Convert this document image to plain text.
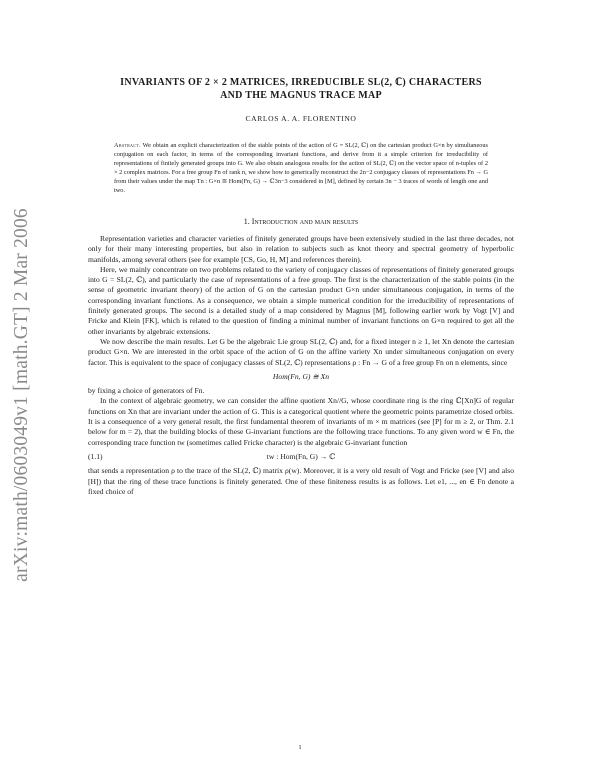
arXiv:math/0603049v1 [math.GT] 2 Mar 2006
INVARIANTS OF 2 × 2 MATRICES, IRREDUCIBLE SL(2, ℂ) CHARACTERS
AND THE MAGNUS TRACE MAP
CARLOS A. A. FLORENTINO
Abstract. We obtain an explicit characterization of the stable points of the action of G = SL(2, ℂ) on the cartesian product G×n by simultaneous conjugation on each factor, in terms of the corresponding invariant functions, and derive from it a simple criterion for irreducibility of representations of finitely generated groups into G. We also obtain analogous results for the action of SL(2, ℂ) on the vector space of n-tuples of 2 × 2 complex matrices. For a free group Fn of rank n, we show how to generically reconstruct the 2n−2 conjugacy classes of representations Fn → G from their values under the map Tn : G×n ≅ Hom(Fn, G) → ℂ3n−3 considered in [M], defined by certain 3n − 3 traces of words of length one and two.
1. Introduction and main results

Representation varieties and character varieties of finitely generated groups have been extensively studied in the last three decades, not only for their many interesting properties, but also in relation to subjects such as knot theory and spectral geometry of hyperbolic manifolds, among several others (see for example [CS, Go, H, M] and references therein).

Here, we mainly concentrate on two problems related to the variety of conjugacy classes of representations of finitely generated groups into G = SL(2, ℂ), and particularly the case of representations of a free group. The first is the characterization of the stable points (in the sense of geometric invariant theory) of the action of G on the cartesian product G×n under simultaneous conjugation, in terms of the corresponding invariant functions. As a consequence, we obtain a simple numerical condition for the irreducibility of representations of finitely generated groups. The second is a detailed study of a map considered by Magnus [M], following earlier work by Vogt [V] and Fricke and Klein [FK], which is related to the question of finding a minimal number of invariant functions on G×n required to get all the other invariants by algebraic extensions.

We now describe the main results. Let G be the algebraic Lie group SL(2, ℂ) and, for a fixed integer n ≥ 1, let Xn denote the cartesian product G×n. We are interested in the orbit space of the action of G on the affine variety Xn under simultaneous conjugation on every factor. This is equivalent to the space of conjugacy classes of SL(2, ℂ) representations ρ : Fn → G of a free group Fn on n elements, since

Hom(Fn, G) ≅ Xn

by fixing a choice of generators of Fn.

In the context of algebraic geometry, we can consider the affine quotient Xn//G, whose coordinate ring is the ring ℂ[Xn]G of regular functions on Xn that are invariant under the action of G. This is a categorical quotient where the geometric points parametrize closed orbits. It is a consequence of a very general result, the first fundamental theorem of invariants of m × m matrices (see [P] for m ≥ 2, or Thm. 2.1 below for m = 2), that the building blocks of these G-invariant functions are the following trace functions. To any given word w ∈ Fn, the corresponding trace function tw (sometimes called Fricke character) is the algebraic G-invariant function

(1.1)	tw : Hom(Fn, G) → ℂ

that sends a representation ρ to the trace of the SL(2, ℂ) matrix ρ(w). Moreover, it is a very old result of Vogt and Fricke (see [V] and also [H]) that the ring of these trace functions is finitely generated. One of these finiteness results is as follows. Let e1, ..., en ∈ Fn denote a fixed choice of

1
